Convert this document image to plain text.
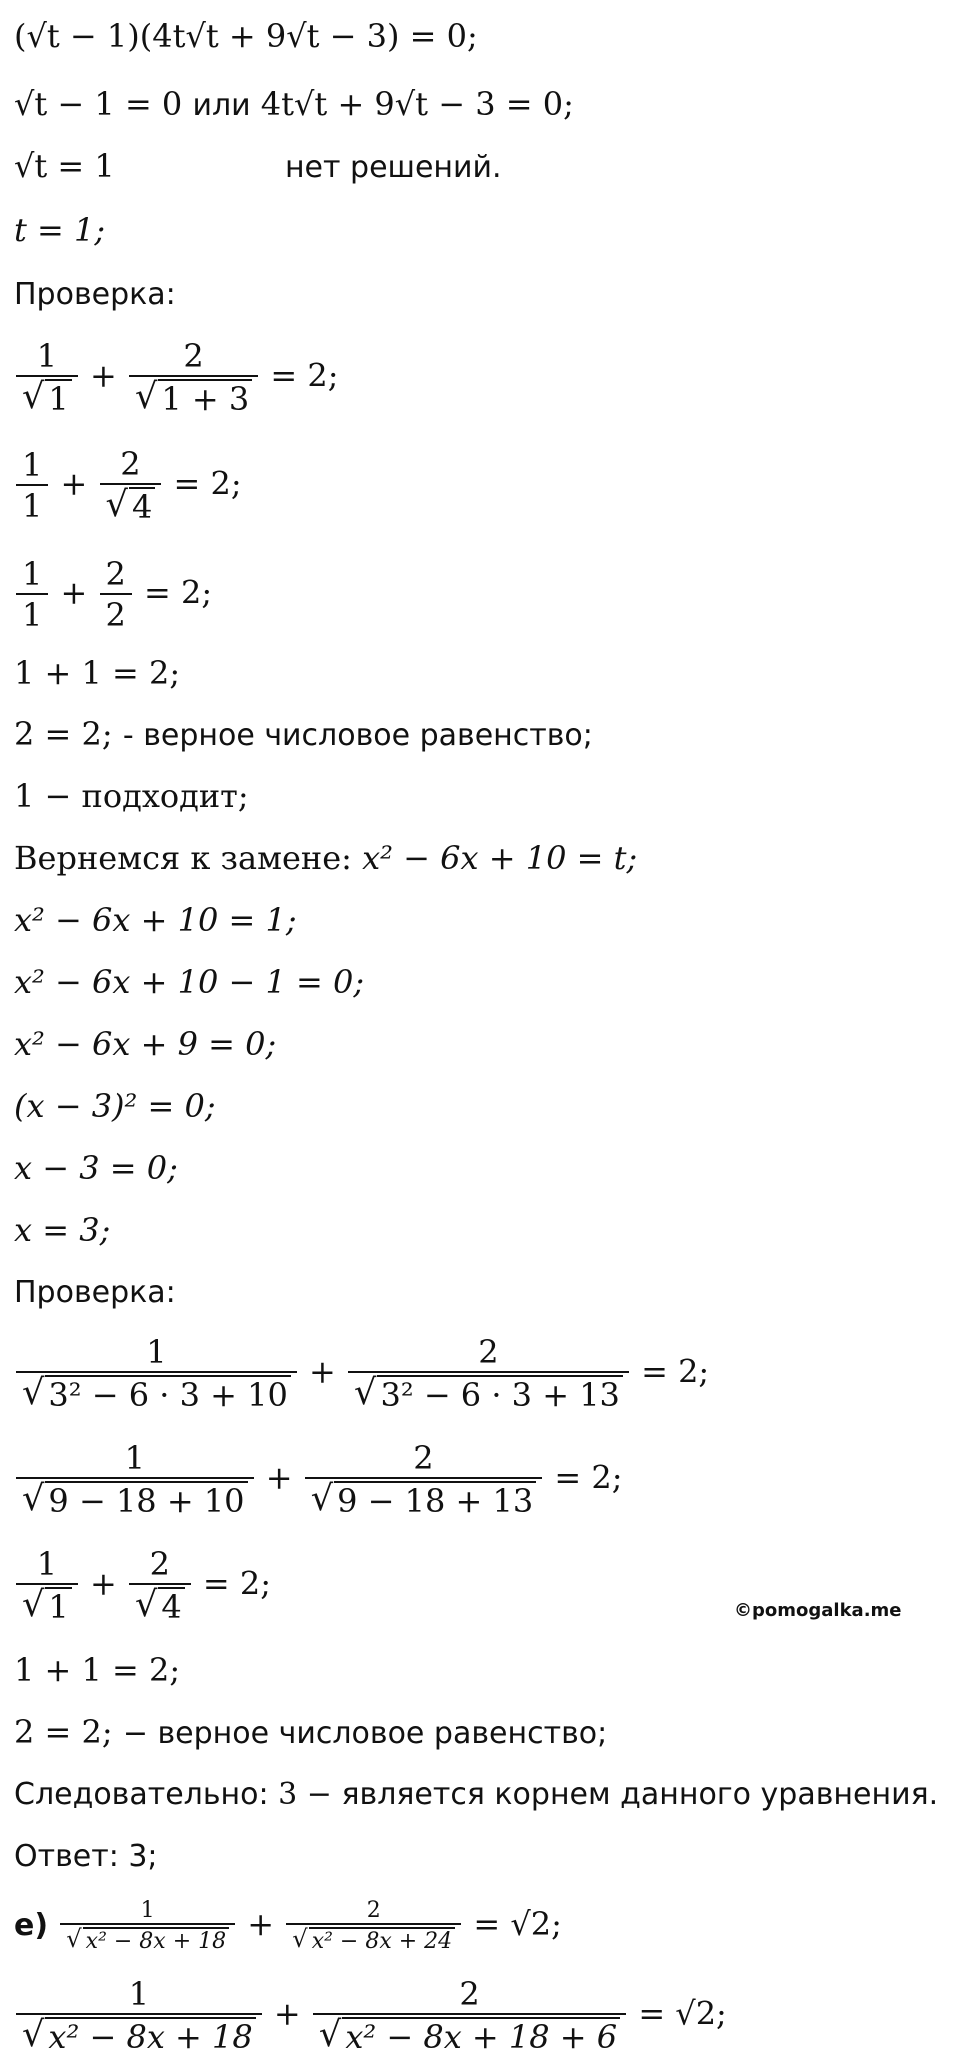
(√t − 1)(4t√t + 9√t − 3) = 0;
√t − 1 = 0 или 4t√t + 9√t − 3 = 0;
√t = 1	нет решений.
t = 1;
Проверка:
$\frac{1}{√ 1} + \frac{2}{√ 1 + 3} = 2$;
$\frac{1}{1} + \frac{2}{√ 4} = 2$;
$\frac{1}{1} + \frac{2}{2} = 2$;
1 + 1 = 2;
2 = 2; - верное числовое равенство;
1 − подходит;
Вернемся к замене: x² − 6x + 10 = t;
x² − 6x + 10 = 1;
x² − 6x + 10 − 1 = 0;
x² − 6x + 9 = 0;
(x − 3)² = 0;
x − 3 = 0;
x = 3;
Проверка:
$\frac{1}{\text{√ 3² − 6 · 3 + 10}} + \frac{2}{\text{√ 3² − 6 · 3 + 13}} = 2$;
$\frac{1}{√ 9 - 18 + 10} + \frac{2}{√ 9 - 18 + 13} = 2$;
$\frac{1}{√ 1} + \frac{2}{√ 4} = 2$;
©pomogalka.me
1 + 1 = 2;
2 = 2; − верное числовое равенство;
Следовательно: 3 − является корнем данного уравнения.
Ответ: 3;
$е) \frac{1}{\text{√ x² − 8x + 18}} + \frac{2}{\text{√ x² − 8x + 24}} = √2$;
$\frac{1}{\text{√ x² − 8x + 18}} + \frac{2}{\text{√ x² − 8x + 18 + 6}} = √2$;
